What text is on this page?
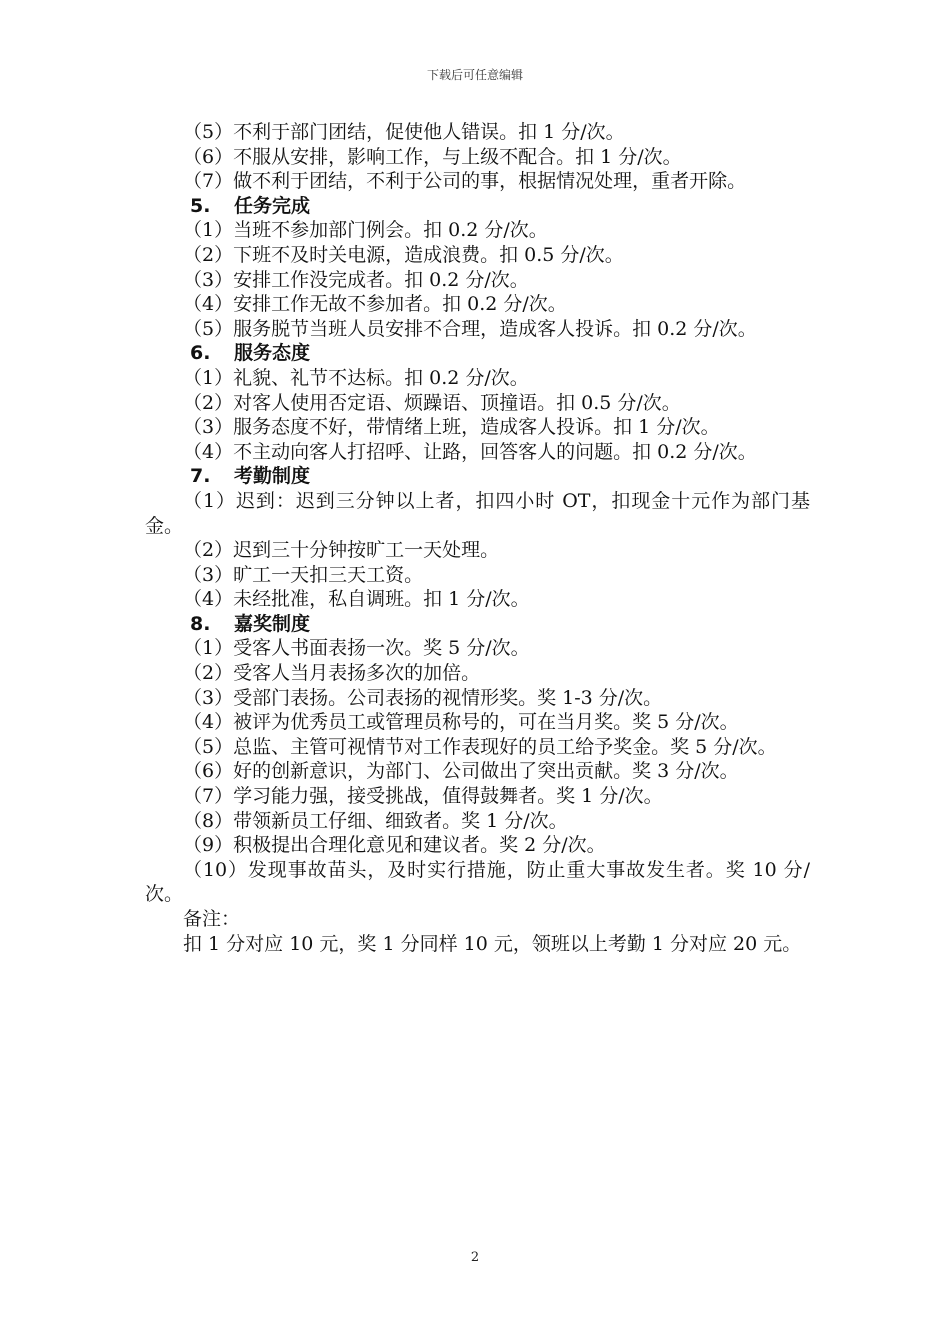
下载后可任意编辑

（5）不利于部门团结，促使他人错误。扣 1 分/次。

（6）不服从安排，影响工作，与上级不配合。扣 1 分/次。

（7）做不利于团结，不利于公司的事，根据情况处理，重者开除。

5. 任务完成

（1）当班不参加部门例会。扣 0.2 分/次。

（2）下班不及时关电源，造成浪费。扣 0.5 分/次。

（3）安排工作没完成者。扣 0.2 分/次。

（4）安排工作无故不参加者。扣 0.2 分/次。

（5）服务脱节当班人员安排不合理，造成客人投诉。扣 0.2 分/次。

6. 服务态度

（1）礼貌、礼节不达标。扣 0.2 分/次。

（2）对客人使用否定语、烦躁语、顶撞语。扣 0.5 分/次。

（3）服务态度不好，带情绪上班，造成客人投诉。扣 1 分/次。

（4）不主动向客人打招呼、让路，回答客人的问题。扣 0.2 分/次。

7. 考勤制度

（1）迟到：迟到三分钟以上者，扣四小时 OT，扣现金十元作为部门基金。

（2）迟到三十分钟按旷工一天处理。

（3）旷工一天扣三天工资。

（4）未经批准，私自调班。扣 1 分/次。

8. 嘉奖制度

（1）受客人书面表扬一次。奖 5 分/次。

（2）受客人当月表扬多次的加倍。

（3）受部门表扬。公司表扬的视情形奖。奖 1-3 分/次。

（4）被评为优秀员工或管理员称号的，可在当月奖。奖 5 分/次。

（5）总监、主管可视情节对工作表现好的员工给予奖金。奖 5 分/次。

（6）好的创新意识，为部门、公司做出了突出贡献。奖 3 分/次。

（7）学习能力强，接受挑战，值得鼓舞者。奖 1 分/次。

（8）带领新员工仔细、细致者。奖 1 分/次。

（9）积极提出合理化意见和建议者。奖 2 分/次。

（10）发现事故苗头，及时实行措施，防止重大事故发生者。奖 10 分/次。

备注：

扣 1 分对应 10 元，奖 1 分同样 10 元，领班以上考勤 1 分对应 20 元。

2
